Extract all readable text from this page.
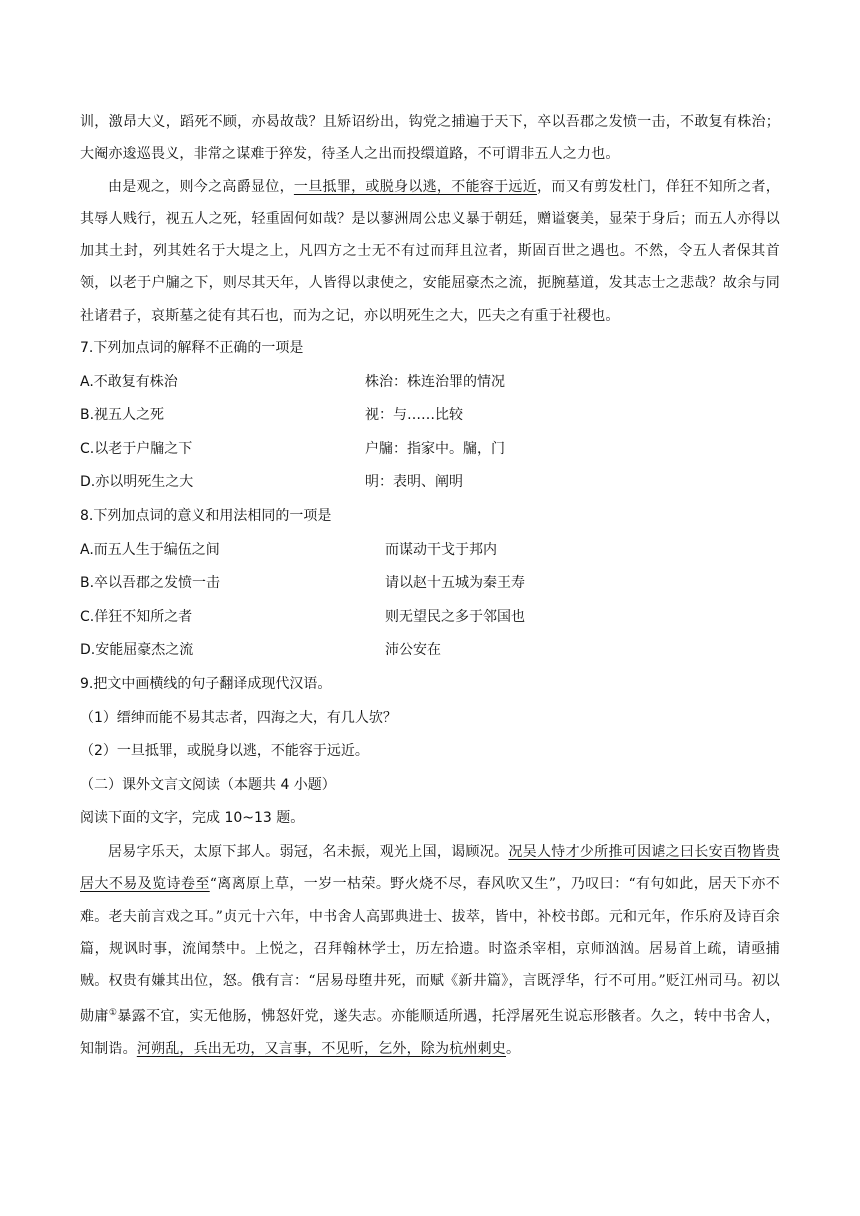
训，激昂大义，蹈死不顾，亦曷故哉？且矫诏纷出，钩党之捕遍于天下，卒以吾郡之发愤一击，不敢复有株治；大阉亦逡巡畏义，非常之谋难于猝发，待圣人之出而投缳道路，不可谓非五人之力也。

由是观之，则今之高爵显位，一旦抵罪，或脱身以逃，不能容于远近，而又有剪发杜门，佯狂不知所之者，其辱人贱行，视五人之死，轻重固何如哉？是以蓼洲周公忠义暴于朝廷，赠谥褒美，显荣于身后；而五人亦得以加其土封，列其姓名于大堤之上，凡四方之士无不有过而拜且泣者，斯固百世之遇也。不然，令五人者保其首领，以老于户牖之下，则尽其天年，人皆得以隶使之，安能屈豪杰之流，扼腕墓道，发其志士之悲哉？故余与同社诸君子，哀斯墓之徒有其石也，而为之记，亦以明死生之大，匹夫之有重于社稷也。

7.下列加点词的解释不正确的一项是

A.不敢复有株治	株治：株连治罪的情况
B.视五人之死	视：与……比较
C.以老于户牖之下	户牖：指家中。牖，门
D.亦以明死生之大	明：表明、阐明

8.下列加点词的意义和用法相同的一项是

A.而五人生于编伍之间	而谋动干戈于邦内
B.卒以吾郡之发愤一击	请以赵十五城为秦王寿
C.佯狂不知所之者	则无望民之多于邻国也
D.安能屈豪杰之流	沛公安在

9.把文中画横线的句子翻译成现代汉语。

（1）缙绅而能不易其志者，四海之大，有几人欤？

（2）一旦抵罪，或脱身以逃，不能容于远近。

（二）课外文言文阅读（本题共 4 小题）

阅读下面的文字，完成 10~13 题。

居易字乐天，太原下邽人。弱冠，名未振，观光上国，谒顾况。况吴人恃才少所推可因谑之曰长安百物皆贵居大不易及览诗卷至“离离原上草，一岁一枯荣。野火烧不尽，春风吹又生”，乃叹曰：“有句如此，居天下亦不难。老夫前言戏之耳。”贞元十六年，中书舍人高郢典进士、拔萃，皆中，补校书郎。元和元年，作乐府及诗百余篇，规讽时事，流闻禁中。上悦之，召拜翰林学士，历左拾遗。时盗杀宰相，京师汹汹。居易首上疏，请亟捕贼。权贵有嫌其出位，怒。俄有言：“居易母堕井死，而赋《新井篇》，言既浮华，行不可用。”贬江州司马。初以勋庸①暴露不宜，实无他肠，怫怒奸党，遂失志。亦能顺适所遇，托浮屠死生说忘形骸者。久之，转中书舍人，知制诰。河朔乱，兵出无功，又言事，不见听，乞外，除为杭州刺史。
